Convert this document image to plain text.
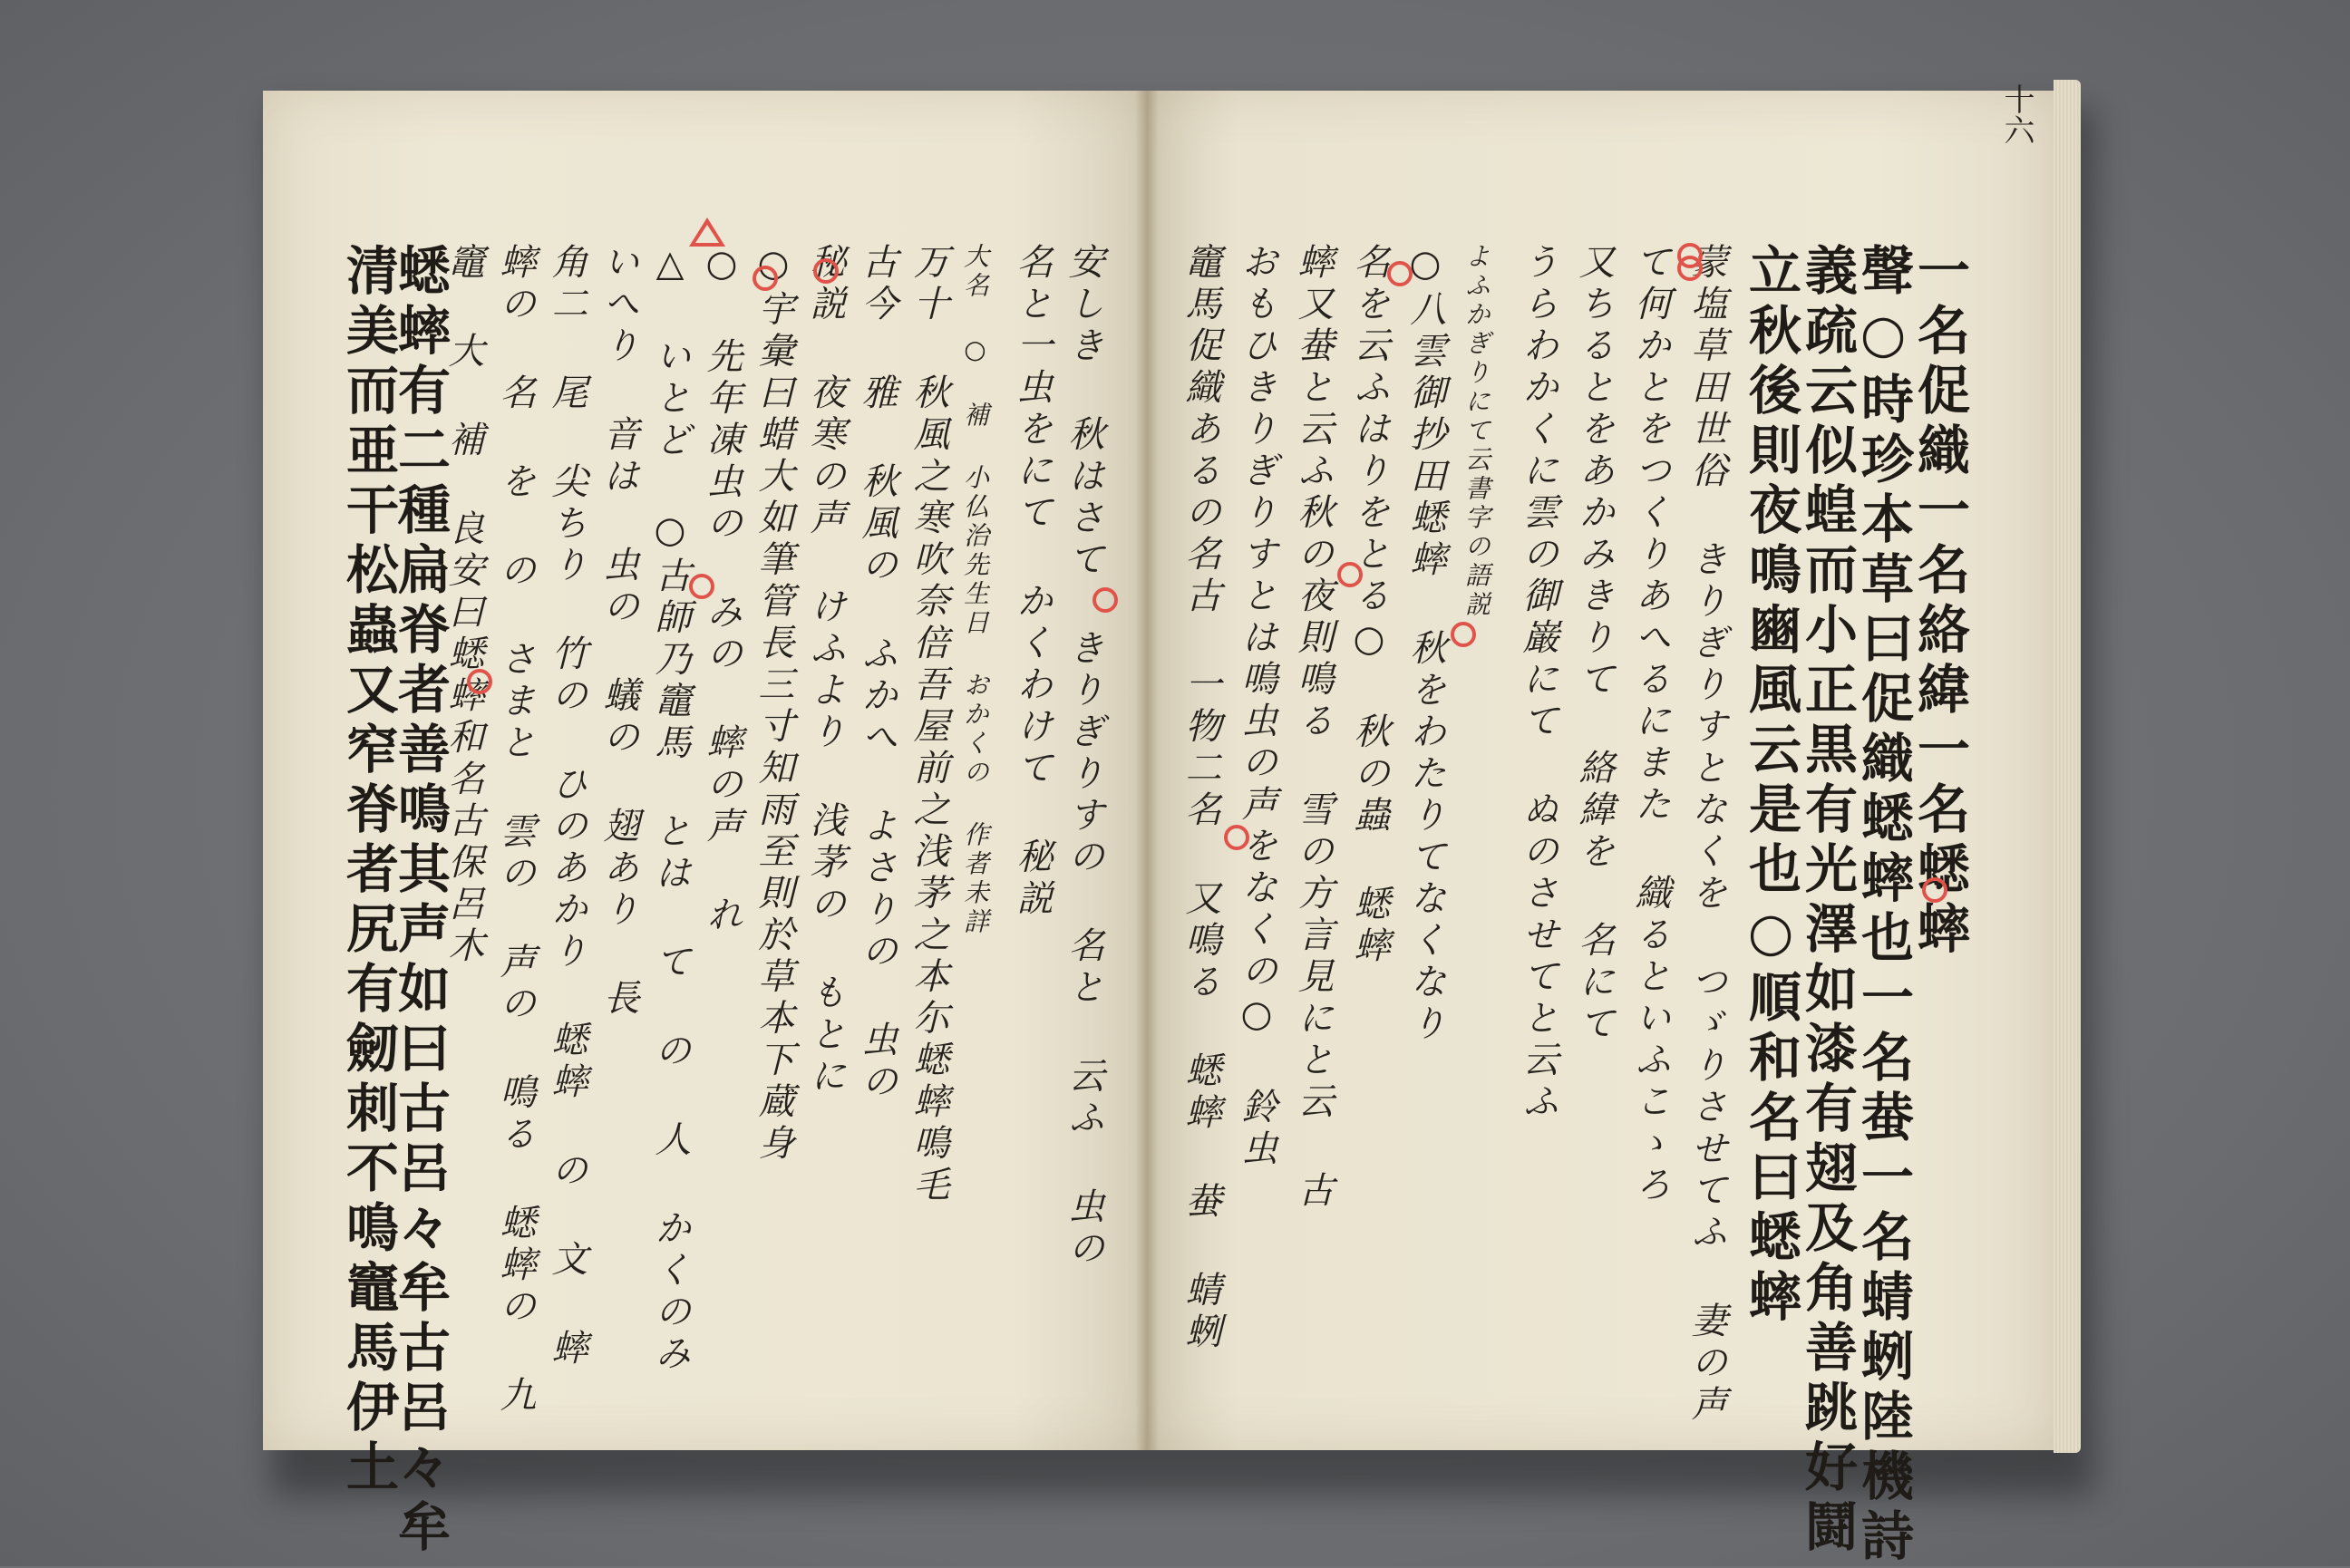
十六
一名促織一名絡緯一名蟋蟀
聲○時珍本草曰促織蟋蟀也一名蛬一名蜻蛚陸機詩
義疏云似蝗而小正黒有光澤如漆有翅及角善跳好鬪
立秋後則夜鳴豳風云是也○順和名曰蟋蟀
蒙塩草田世俗 きりぎりすとなくを つゞりさせてふ 妻の声
て何かとをつくりあへるにまた 織るといふこゝろ
又ちるとをあかみきりて 絡緯を 名にて
うらわかくに雲の御巌にて ぬのさせてと云ふ
よふかぎりにて云書字の語説
○八雲御抄田蟋蟀 秋をわたりてなくなり
名を云ふはりをとる○ 秋の蟲 蟋蟀
蟀又蛬と云ふ秋の夜則鳴る 雪の方言見にと云 古
おもひきりぎりすとは鳴虫の声をなくの○ 鈴虫
竈馬促織あるの名古 一物二名 又鳴る 蟋蟀 蛬 蜻蛚
安しき 秋はさて きりぎりすの 名と 云ふ 虫の
名と一虫をにて かくわけて 秘説
大名 ○ 補 小仏治先生日 おかくの 作者未詳
万十 秋風之寒吹奈倍吾屋前之浅茅之本尓蟋蟀鳴毛
古今 雅 秋風の ふかへ よさりの 虫の
秘説 夜寒の声 けふより 浅茅の もとに
○宇彙曰蜡大如筆管長三寸知雨至則於草本下蔵身
○ 先年凍虫の みの 蟀の声 れ
△ いとど ○古師乃竈馬 とは て の 人 かくのみ
いへり 音は 虫の 蟻の 翅あり 長
角二 尾 尖ちり 竹の ひのあかり 蟋蟀 の 文 蟀
蟀の 名 を の さまと 雲の 声の 鳴る 蟋蟀の 九
竈 大 補 良安曰蟋蟀和名古保呂木
蟋蟀有二種扁脊者善鳴其声如曰古呂々牟古呂々牟
清美而亜干松蟲又窄脊者尻有劒刺不鳴竈馬伊土
